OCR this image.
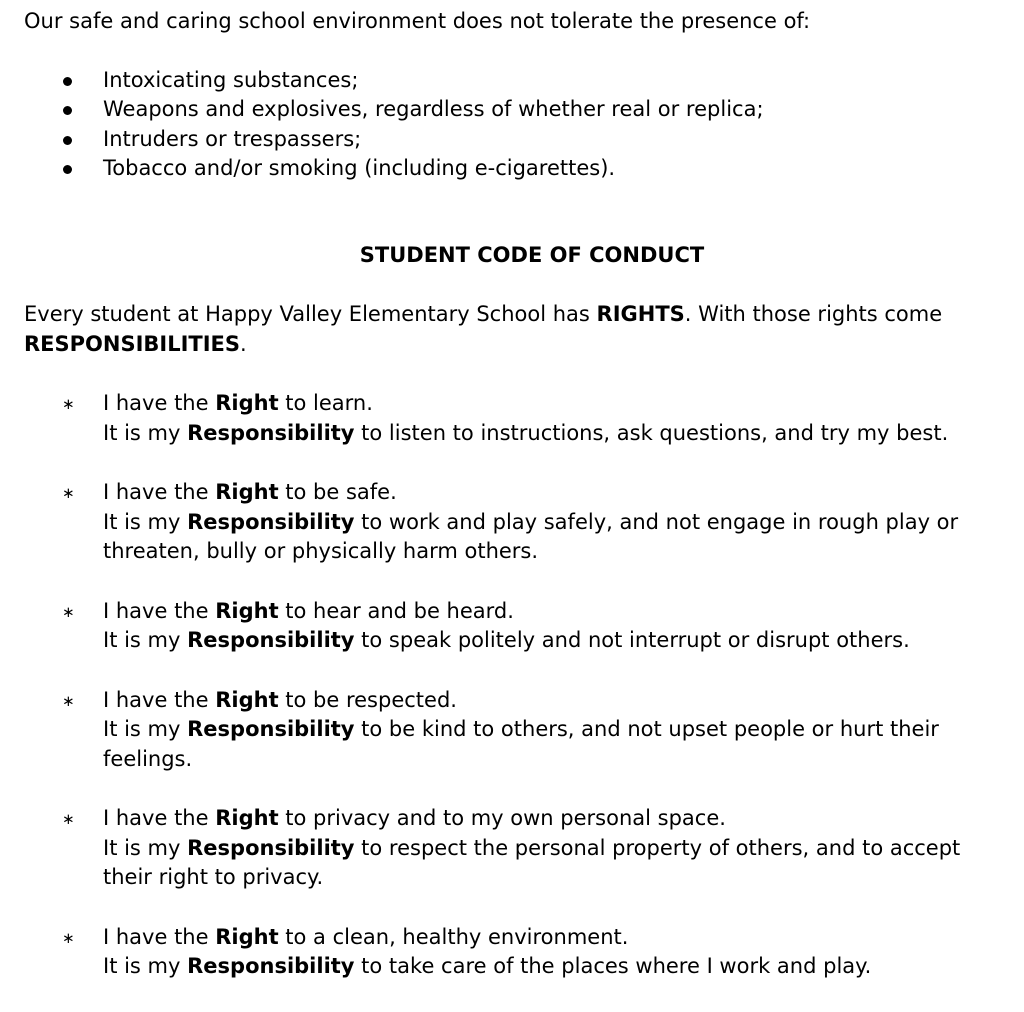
Our safe and caring school environment does not tolerate the presence of:

Intoxicating substances;
Weapons and explosives, regardless of whether real or replica;
Intruders or trespassers;
Tobacco and/or smoking (including e-cigarettes).

STUDENT CODE OF CONDUCT

Every student at Happy Valley Elementary School has RIGHTS. With those rights come RESPONSIBILITIES.

∗ I have the Right to learn.
It is my Responsibility to listen to instructions, ask questions, and try my best.
∗ I have the Right to be safe.
It is my Responsibility to work and play safely, and not engage in rough play or threaten, bully or physically harm others.
∗ I have the Right to hear and be heard.
It is my Responsibility to speak politely and not interrupt or disrupt others.
∗ I have the Right to be respected.
It is my Responsibility to be kind to others, and not upset people or hurt their feelings.
∗ I have the Right to privacy and to my own personal space.
It is my Responsibility to respect the personal property of others, and to accept their right to privacy.
∗ I have the Right to a clean, healthy environment.
It is my Responsibility to take care of the places where I work and play.
